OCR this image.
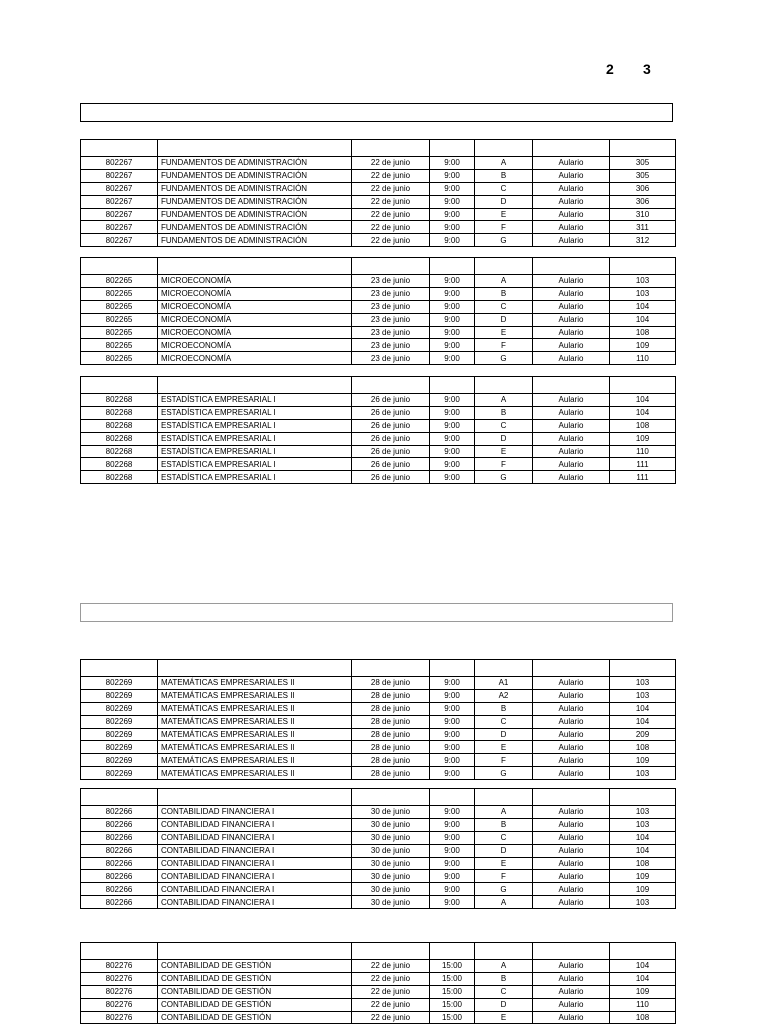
2 3

802267	FUNDAMENTOS DE ADMINISTRACIÓN	22 de junio	9:00	A	Aulario	305
802267	FUNDAMENTOS DE ADMINISTRACIÓN	22 de junio	9:00	B	Aulario	305
802267	FUNDAMENTOS DE ADMINISTRACIÓN	22 de junio	9:00	C	Aulario	306
802267	FUNDAMENTOS DE ADMINISTRACIÓN	22 de junio	9:00	D	Aulario	306
802267	FUNDAMENTOS DE ADMINISTRACIÓN	22 de junio	9:00	E	Aulario	310
802267	FUNDAMENTOS DE ADMINISTRACIÓN	22 de junio	9:00	F	Aulario	311
802267	FUNDAMENTOS DE ADMINISTRACIÓN	22 de junio	9:00	G	Aulario	312

802265	MICROECONOMÍA	23 de junio	9:00	A	Aulario	103
802265	MICROECONOMÍA	23 de junio	9:00	B	Aulario	103
802265	MICROECONOMÍA	23 de junio	9:00	C	Aulario	104
802265	MICROECONOMÍA	23 de junio	9:00	D	Aulario	104
802265	MICROECONOMÍA	23 de junio	9:00	E	Aulario	108
802265	MICROECONOMÍA	23 de junio	9:00	F	Aulario	109
802265	MICROECONOMÍA	23 de junio	9:00	G	Aulario	110

802268	ESTADÍSTICA EMPRESARIAL I	26 de junio	9:00	A	Aulario	104
802268	ESTADÍSTICA EMPRESARIAL I	26 de junio	9:00	B	Aulario	104
802268	ESTADÍSTICA EMPRESARIAL I	26 de junio	9:00	C	Aulario	108
802268	ESTADÍSTICA EMPRESARIAL I	26 de junio	9:00	D	Aulario	109
802268	ESTADÍSTICA EMPRESARIAL I	26 de junio	9:00	E	Aulario	110
802268	ESTADÍSTICA EMPRESARIAL I	26 de junio	9:00	F	Aulario	111
802268	ESTADÍSTICA EMPRESARIAL I	26 de junio	9:00	G	Aulario	111

802269	MATEMÁTICAS EMPRESARIALES II	28 de junio	9:00	A1	Aulario	103
802269	MATEMÁTICAS EMPRESARIALES II	28 de junio	9:00	A2	Aulario	103
802269	MATEMÁTICAS EMPRESARIALES II	28 de junio	9:00	B	Aulario	104
802269	MATEMÁTICAS EMPRESARIALES II	28 de junio	9:00	C	Aulario	104
802269	MATEMÁTICAS EMPRESARIALES II	28 de junio	9:00	D	Aulario	209
802269	MATEMÁTICAS EMPRESARIALES II	28 de junio	9:00	E	Aulario	108
802269	MATEMÁTICAS EMPRESARIALES II	28 de junio	9:00	F	Aulario	109
802269	MATEMÁTICAS EMPRESARIALES II	28 de junio	9:00	G	Aulario	103

802266	CONTABILIDAD FINANCIERA I	30 de junio	9:00	A	Aulario	103
802266	CONTABILIDAD FINANCIERA I	30 de junio	9:00	B	Aulario	103
802266	CONTABILIDAD FINANCIERA I	30 de junio	9:00	C	Aulario	104
802266	CONTABILIDAD FINANCIERA I	30 de junio	9:00	D	Aulario	104
802266	CONTABILIDAD FINANCIERA I	30 de junio	9:00	E	Aulario	108
802266	CONTABILIDAD FINANCIERA I	30 de junio	9:00	F	Aulario	109
802266	CONTABILIDAD FINANCIERA I	30 de junio	9:00	G	Aulario	109
802266	CONTABILIDAD FINANCIERA I	30 de junio	9:00	A	Aulario	103

802276	CONTABILIDAD DE GESTIÓN	22 de junio	15:00	A	Aulario	104
802276	CONTABILIDAD DE GESTIÓN	22 de junio	15:00	B	Aulario	104
802276	CONTABILIDAD DE GESTIÓN	22 de junio	15:00	C	Aulario	109
802276	CONTABILIDAD DE GESTIÓN	22 de junio	15:00	D	Aulario	110
802276	CONTABILIDAD DE GESTIÓN	22 de junio	15:00	E	Aulario	108
